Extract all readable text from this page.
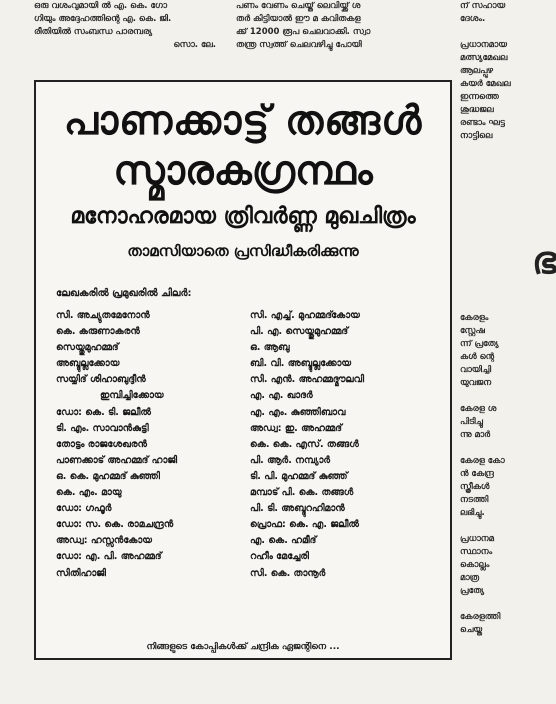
ഒരു വശംവുമായി ൽ എ. കെ. ഗോ
ഗിയും അദ്ദേഹത്തിന്റെ എ. കെ. ജി.
രീതിയിൽ സംബന്ധ പാരമ്പര്യ
സൊ. ലേ.
പണം വേണം ചെയ്ത് ലെവിയ്ക്ക് ശ
തർ കിട്ടിയാൽ ഈ മ കവിതകള
ക്ക് 12000 രൂപ ചെലവാക്കി. സ്വാ
തന്ത്ര സ്വത്ത് ചെലവഴിച്ചു പോയി
ന് സഹായ
ദേശം.
പ്രധാനമായ
മത്സ്യമേഖല
ആലപ്പുഴ
കയർ മേഖല
ഇന്നത്തെ
ശുദ്ധജല
രണ്ടാം ഘട്ട
നാട്ടിലെ
കേരളം
സ്റ്റേഷ
ന്ന് പ്രത്യേ
കൾ ന്റെ
വായിച്ചി
യുവജന
കേരള ശ
പിടിച്ചു
ന്നു മാർ
കേരള കോ
ൻ കേന്ദ്ര
സ്ത്രീകൾ
നടത്തി
ലഭിച്ചു.
പ്രധാനമ
സ്ഥാനം
കൊല്ലം
മാത്ര
പ്രത്യേ
കേരളത്തി
ചെയ്ത
ഭ
പാണക്കാട്ട് തങ്ങൾ
സ്മാരകഗ്രന്ഥം
മനോഹരമായ ത്രിവർണ്ണ മുഖചിത്രം
താമസിയാതെ പ്രസിദ്ധീകരിക്കുന്നു
ലേഖകരിൽ പ്രമുഖരിൽ ചിലർ:
സി. അച്യുതമേനോൻ
കെ. കരുണാകരൻ
സെയ്തുമുഹമ്മദ്
അബ്ദുല്ലക്കോയ
സയ്യിദ് ശിഹാബുദ്ദീൻ
ഇമ്പിച്ചിക്കോയ
ഡോ: കെ. ടി. ജലീൽ
ടി. എം. സാവാൻകുട്ടി
തോട്ടം രാജശേഖരൻ
പാണക്കാട് അഹമ്മദ് ഹാജി
ഒ. കെ. മുഹമ്മദ് കുഞ്ഞി
കെ. എം. മായു
ഡോ: ഗഫൂർ
ഡോ: സ. കെ. രാമചന്ദ്രൻ
അഡ്വ: ഹസ്സൻകോയ
ഡോ: എ. പി. അഹമ്മദ്
സിതിഹാജി
സി. എച്ച്. മുഹമ്മദ്കോയ
പി. എ. സെയ്തുമുഹമ്മദ്
ഒ. ആബു
ബി. വി. അബ്ദുല്ലക്കോയ
സി. എൻ. അഹമ്മദ്മൗലവി
എ. എ. ഖാദർ
എ. എം. കുഞ്ഞിബാവ
അഡ്വ: ഇ. അഹമ്മദ്
കെ. കെ. എസ്. തങ്ങൾ
പി. ആർ. നമ്പ്യാർ
ടി. പി. മുഹമ്മദ് കുഞ്ഞ്
മമ്പാട് പി. കെ. തങ്ങൾ
പി. ടി. അബ്ദുറഹിമാൻ
പ്രൊഫ: കെ. എ. ജലീൽ
എ. കെ. ഹമീദ്
റഹീം മേച്ചേരി
സി. കെ. താനൂർ
നിങ്ങളുടെ കോപ്പികൾക്ക് ചന്ദ്രിക ഏജന്റിനെ ...
